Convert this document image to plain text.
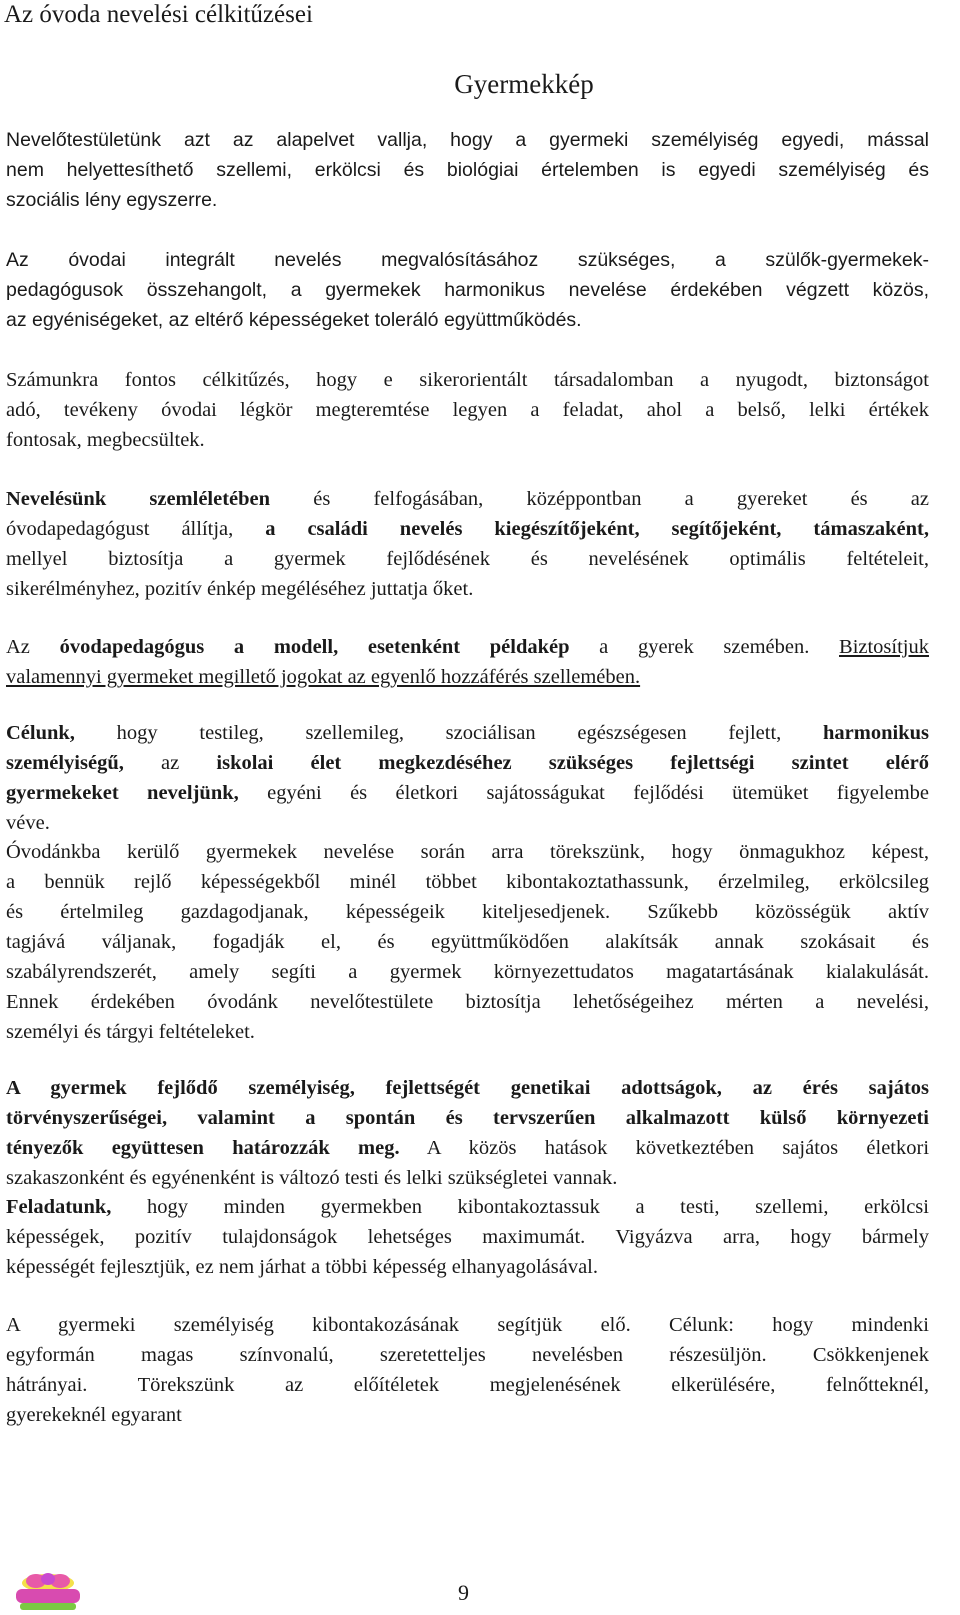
Az óvoda nevelési célkitűzései
Gyermekkép
Nevelőtestületünk azt az alapelvet vallja, hogy a gyermeki személyiség egyedi, mással
nem helyettesíthető szellemi, erkölcsi és biológiai értelemben is egyedi személyiség és
szociális lény egyszerre.
Az óvodai integrált nevelés megvalósításához szükséges, a szülők-gyermekek-
pedagógusok összehangolt, a gyermekek harmonikus nevelése érdekében végzett közös,
az egyéniségeket, az eltérő képességeket toleráló együttműködés.
Számunkra fontos célkitűzés, hogy e sikerorientált társadalomban a nyugodt, biztonságot
adó, tevékeny óvodai légkör megteremtése legyen a feladat, ahol a belső, lelki értékek
fontosak, megbecsültek.
Nevelésünk szemléletében és felfogásában, középpontban a gyereket és az
óvodapedagógust állítja, a családi nevelés kiegészítőjeként, segítőjeként, támaszaként,
mellyel biztosítja a gyermek fejlődésének és nevelésének optimális feltételeit,
sikerélményhez, pozitív énkép megéléséhez juttatja őket.
Az óvodapedagógus a modell, esetenként példakép a gyerek szemében. Biztosítjuk
valamennyi gyermeket megillető jogokat az egyenlő hozzáférés szellemében.
Célunk, hogy testileg, szellemileg, szociálisan egészségesen fejlett, harmonikus
személyiségű, az iskolai élet megkezdéséhez szükséges fejlettségi szintet elérő
gyermekeket neveljünk, egyéni és életkori sajátosságukat fejlődési ütemüket figyelembe
véve.
Óvodánkba kerülő gyermekek nevelése során arra törekszünk, hogy önmagukhoz képest,
a bennük rejlő képességekből minél többet kibontakoztathassunk, érzelmileg, erkölcsileg
és értelmileg gazdagodjanak, képességeik kiteljesedjenek. Szűkebb közösségük aktív
tagjává váljanak, fogadják el, és együttműködően alakítsák annak szokásait és
szabályrendszerét, amely segíti a gyermek környezettudatos magatartásának kialakulását.
Ennek érdekében óvodánk nevelőtestülete biztosítja lehetőségeihez mérten a nevelési,
személyi és tárgyi feltételeket.
A gyermek fejlődő személyiség, fejlettségét genetikai adottságok, az érés sajátos
törvényszerűségei, valamint a spontán és tervszerűen alkalmazott külső környezeti
tényezők együttesen határozzák meg. A közös hatások következtében sajátos életkori
szakaszonként és egyénenként is változó testi és lelki szükségletei vannak.
Feladatunk, hogy minden gyermekben kibontakoztassuk a testi, szellemi, erkölcsi
képességek, pozitív tulajdonságok lehetséges maximumát. Vigyázva arra, hogy bármely
képességét fejlesztjük, ez nem járhat a többi képesség elhanyagolásával.
A gyermeki személyiség kibontakozásának segítjük elő. Célunk: hogy mindenki
egyformán magas színvonalú, szeretetteljes nevelésben részesüljön. Csökkenjenek
hátrányai. Törekszünk az előítéletek megjelenésének elkerülésére, felnőtteknél,
gyerekeknél egyarant
9
